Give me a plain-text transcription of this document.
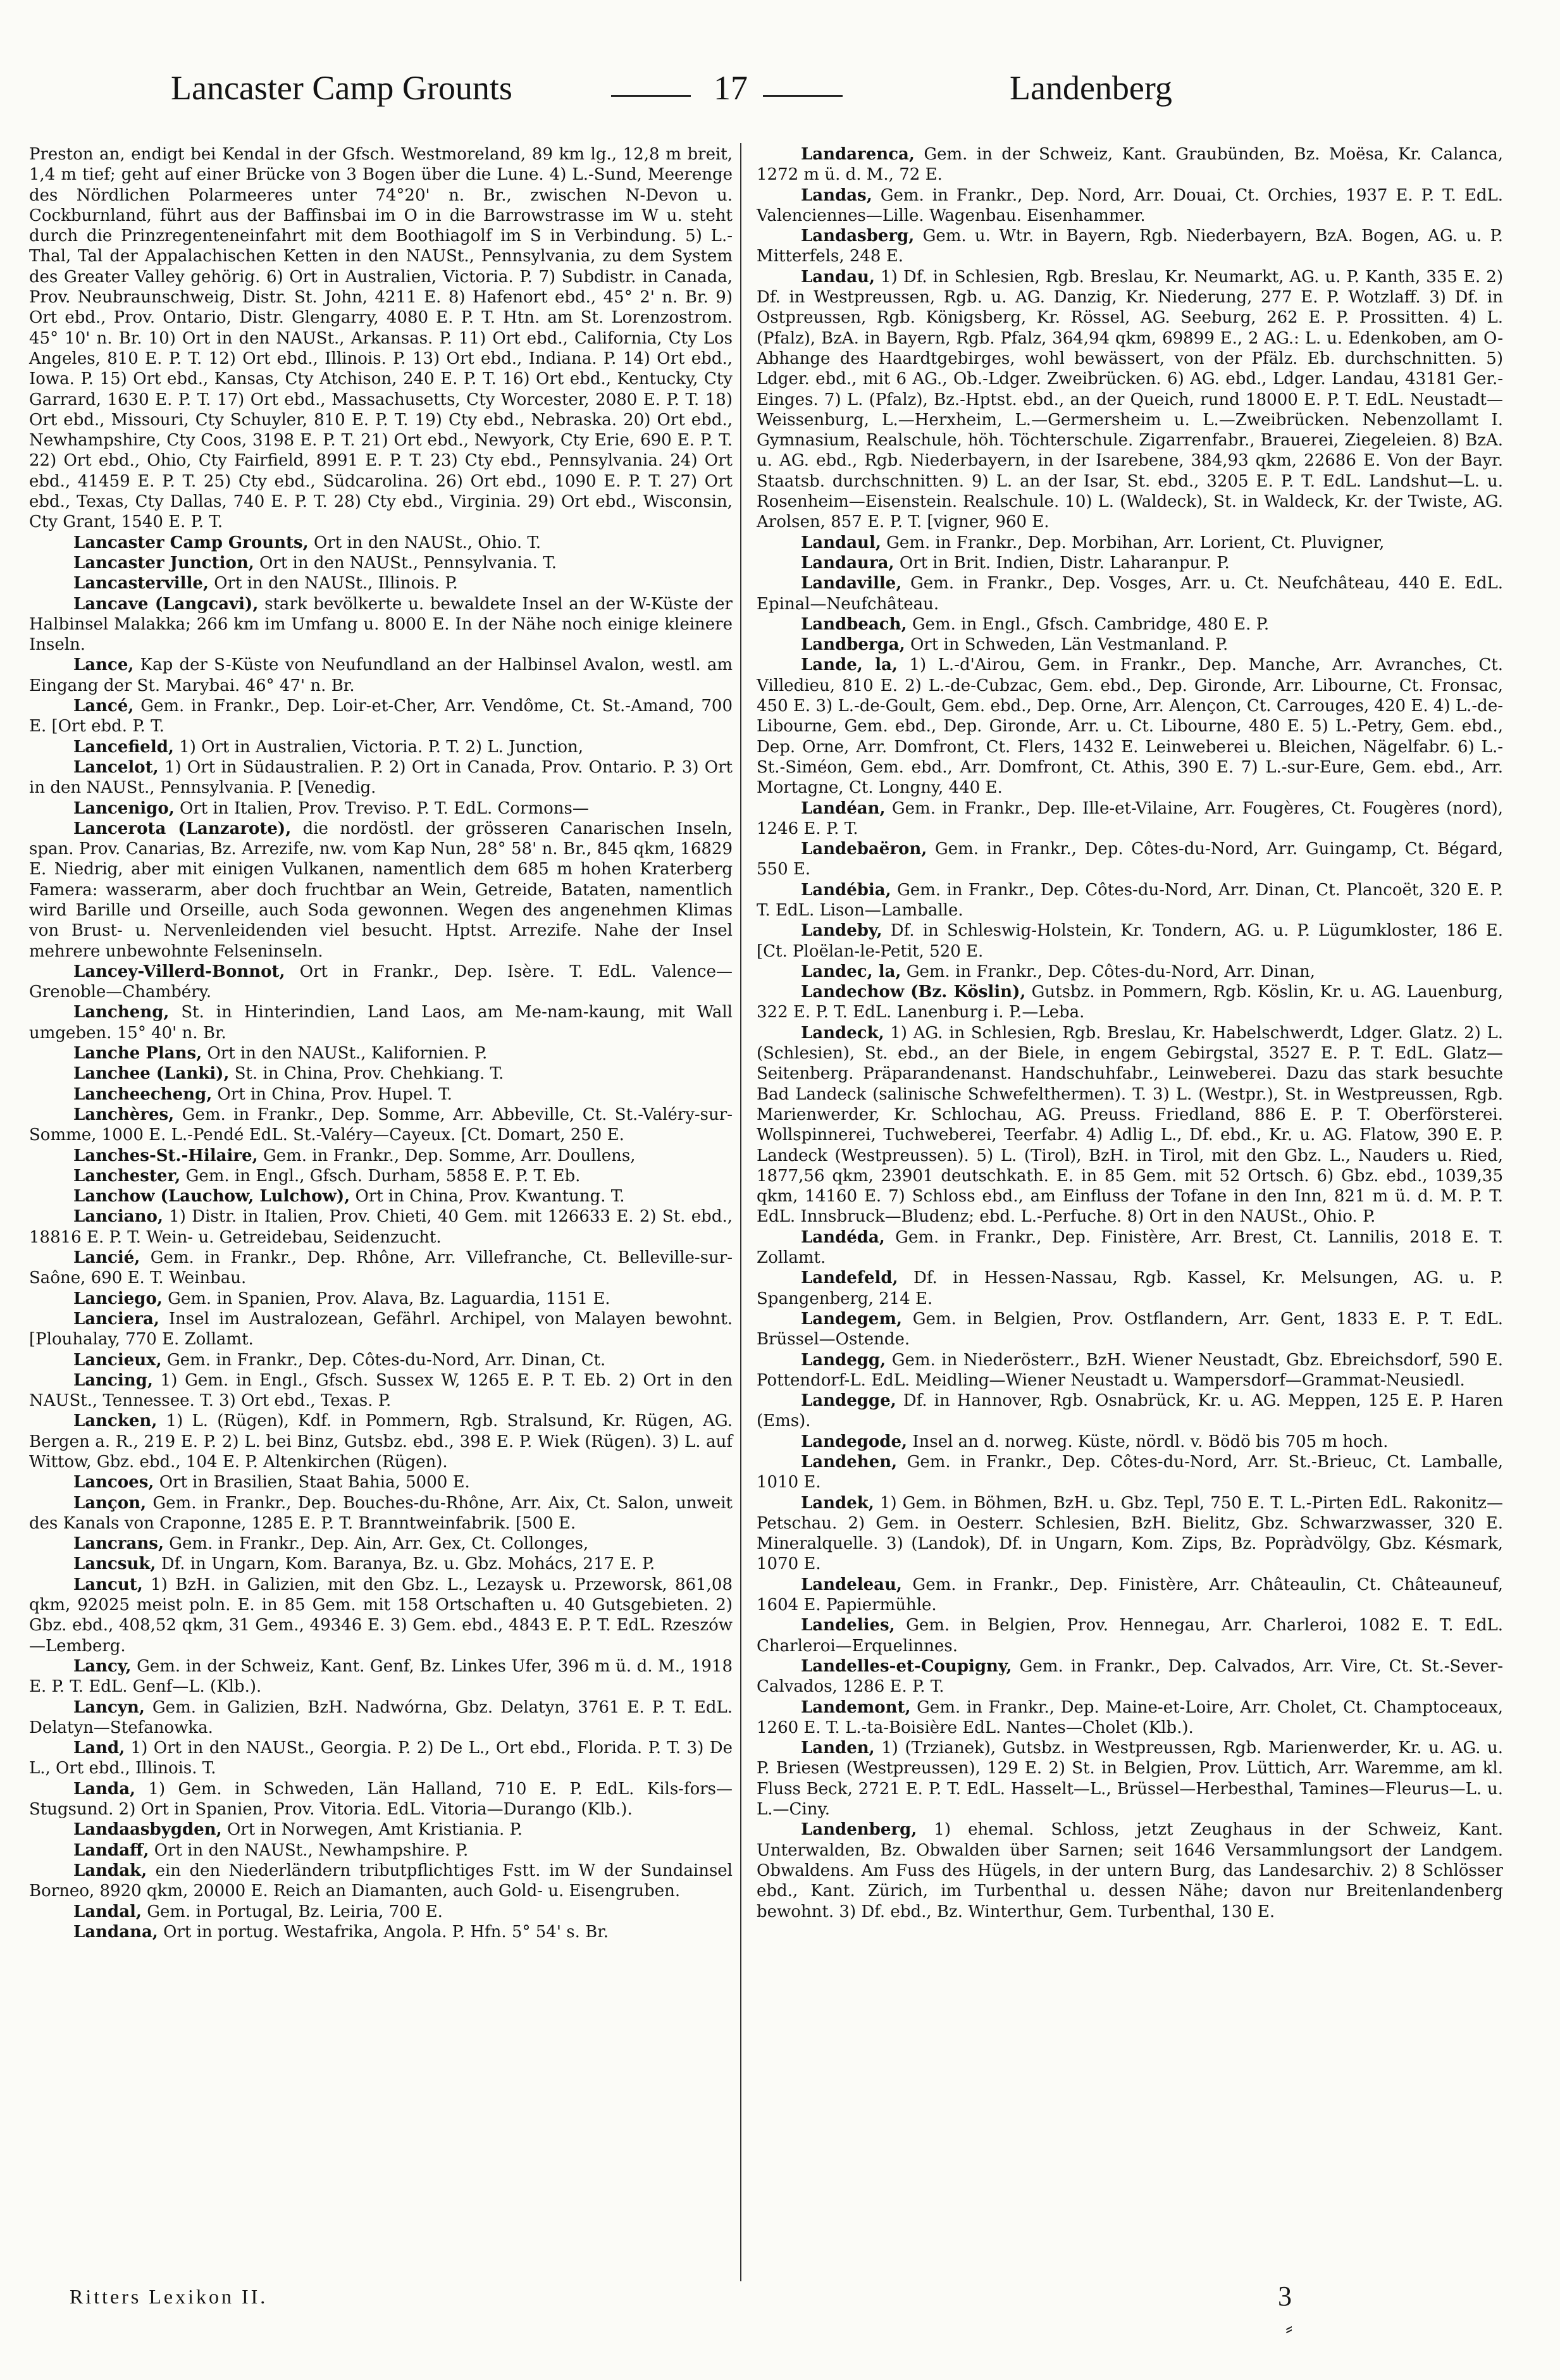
Lancaster Camp Grounts	17	Landenberg

Preston an, endigt bei Kendal in der Gfsch. Westmoreland, 89 km lg., 12,8 m breit, 1,4 m tief; geht auf einer Brücke von 3 Bogen über die Lune. 4) L.-Sund, Meerenge des Nördlichen Polarmeeres unter 74°20' n. Br., zwischen N-Devon u. Cockburnland, führt aus der Baffinsbai im O in die Barrowstrasse im W u. steht durch die Prinzregenteneinfahrt mit dem Boothiagolf im S in Verbindung. 5) L.-Thal, Tal der Appalachischen Ketten in den NAUSt., Pennsylvania, zu dem System des Greater Valley gehörig. 6) Ort in Australien, Victoria. P. 7) Subdistr. in Canada, Prov. Neubraunschweig, Distr. St. John, 4211 E. 8) Hafenort ebd., 45° 2' n. Br. 9) Ort ebd., Prov. Ontario, Distr. Glengarry, 4080 E. P. T. Htn. am St. Lorenzostrom. 45° 10' n. Br. 10) Ort in den NAUSt., Arkansas. P. 11) Ort ebd., California, Cty Los Angeles, 810 E. P. T. 12) Ort ebd., Illinois. P. 13) Ort ebd., Indiana. P. 14) Ort ebd., Iowa. P. 15) Ort ebd., Kansas, Cty Atchison, 240 E. P. T. 16) Ort ebd., Kentucky, Cty Garrard, 1630 E. P. T. 17) Ort ebd., Massachusetts, Cty Worcester, 2080 E. P. T. 18) Ort ebd., Missouri, Cty Schuyler, 810 E. P. T. 19) Cty ebd., Nebraska. 20) Ort ebd., Newhampshire, Cty Coos, 3198 E. P. T. 21) Ort ebd., Newyork, Cty Erie, 690 E. P. T. 22) Ort ebd., Ohio, Cty Fairfield, 8991 E. P. T. 23) Cty ebd., Pennsylvania. 24) Ort ebd., 41459 E. P. T. 25) Cty ebd., Südcarolina. 26) Ort ebd., 1090 E. P. T. 27) Ort ebd., Texas, Cty Dallas, 740 E. P. T. 28) Cty ebd., Virginia. 29) Ort ebd., Wisconsin, Cty Grant, 1540 E. P. T.

Lancaster Camp Grounts, Ort in den NAUSt., Ohio. T.

Lancaster Junction, Ort in den NAUSt., Pennsylvania. T.

Lancasterville, Ort in den NAUSt., Illinois. P.

Lancave (Langcavi), stark bevölkerte u. bewaldete Insel an der W-Küste der Halbinsel Malakka; 266 km im Umfang u. 8000 E. In der Nähe noch einige kleinere Inseln.

Lance, Kap der S-Küste von Neufundland an der Halbinsel Avalon, westl. am Eingang der St. Marybai. 46° 47' n. Br.

Lancé, Gem. in Frankr., Dep. Loir-et-Cher, Arr. Vendôme, Ct. St.-Amand, 700 E. [Ort ebd. P. T.

Lancefield, 1) Ort in Australien, Victoria. P. T. 2) L. Junction,

Lancelot, 1) Ort in Südaustralien. P. 2) Ort in Canada, Prov. Ontario. P. 3) Ort in den NAUSt., Pennsylvania. P. [Venedig.

Lancenigo, Ort in Italien, Prov. Treviso. P. T. EdL. Cormons—

Lancerota (Lanzarote), die nordöstl. der grösseren Canarischen Inseln, span. Prov. Canarias, Bz. Arrezife, nw. vom Kap Nun, 28° 58' n. Br., 845 qkm, 16829 E. Niedrig, aber mit einigen Vulkanen, namentlich dem 685 m hohen Kraterberg Famera: wasserarm, aber doch fruchtbar an Wein, Getreide, Bataten, namentlich wird Barille und Orseille, auch Soda gewonnen. Wegen des angenehmen Klimas von Brust- u. Nervenleidenden viel besucht. Hptst. Arrezife. Nahe der Insel mehrere unbewohnte Felseninseln.

Lancey-Villerd-Bonnot, Ort in Frankr., Dep. Isère. T. EdL. Valence—Grenoble—Chambéry.

Lancheng, St. in Hinterindien, Land Laos, am Me-nam-kaung, mit Wall umgeben. 15° 40' n. Br.

Lanche Plans, Ort in den NAUSt., Kalifornien. P.

Lanchee (Lanki), St. in China, Prov. Chehkiang. T.

Lancheecheng, Ort in China, Prov. Hupel. T.

Lanchères, Gem. in Frankr., Dep. Somme, Arr. Abbeville, Ct. St.-Valéry-sur-Somme, 1000 E. L.-Pendé EdL. St.-Valéry—Cayeux. [Ct. Domart, 250 E.

Lanches-St.-Hilaire, Gem. in Frankr., Dep. Somme, Arr. Doullens,

Lanchester, Gem. in Engl., Gfsch. Durham, 5858 E. P. T. Eb.

Lanchow (Lauchow, Lulchow), Ort in China, Prov. Kwantung. T.

Lanciano, 1) Distr. in Italien, Prov. Chieti, 40 Gem. mit 126633 E. 2) St. ebd., 18816 E. P. T. Wein- u. Getreidebau, Seidenzucht.

Lancié, Gem. in Frankr., Dep. Rhône, Arr. Villefranche, Ct. Belleville-sur-Saône, 690 E. T. Weinbau.

Lanciego, Gem. in Spanien, Prov. Alava, Bz. Laguardia, 1151 E.

Lanciera, Insel im Australozean, Gefährl. Archipel, von Malayen bewohnt. [Plouhalay, 770 E. Zollamt.

Lancieux, Gem. in Frankr., Dep. Côtes-du-Nord, Arr. Dinan, Ct.

Lancing, 1) Gem. in Engl., Gfsch. Sussex W, 1265 E. P. T. Eb. 2) Ort in den NAUSt., Tennessee. T. 3) Ort ebd., Texas. P.

Lancken, 1) L. (Rügen), Kdf. in Pommern, Rgb. Stralsund, Kr. Rügen, AG. Bergen a. R., 219 E. P. 2) L. bei Binz, Gutsbz. ebd., 398 E. P. Wiek (Rügen). 3) L. auf Wittow, Gbz. ebd., 104 E. P. Altenkirchen (Rügen).

Lancoes, Ort in Brasilien, Staat Bahia, 5000 E.

Lançon, Gem. in Frankr., Dep. Bouches-du-Rhône, Arr. Aix, Ct. Salon, unweit des Kanals von Craponne, 1285 E. P. T. Branntweinfabrik. [500 E.

Lancrans, Gem. in Frankr., Dep. Ain, Arr. Gex, Ct. Collonges,

Lancsuk, Df. in Ungarn, Kom. Baranya, Bz. u. Gbz. Mohács, 217 E. P.

Lancut, 1) BzH. in Galizien, mit den Gbz. L., Lezaysk u. Przeworsk, 861,08 qkm, 92025 meist poln. E. in 85 Gem. mit 158 Ortschaften u. 40 Gutsgebieten. 2) Gbz. ebd., 408,52 qkm, 31 Gem., 49346 E. 3) Gem. ebd., 4843 E. P. T. EdL. Rzeszów—Lemberg.

Lancy, Gem. in der Schweiz, Kant. Genf, Bz. Linkes Ufer, 396 m ü. d. M., 1918 E. P. T. EdL. Genf—L. (Klb.).

Lancyn, Gem. in Galizien, BzH. Nadwórna, Gbz. Delatyn, 3761 E. P. T. EdL. Delatyn—Stefanowka.

Land, 1) Ort in den NAUSt., Georgia. P. 2) De L., Ort ebd., Florida. P. T. 3) De L., Ort ebd., Illinois. T.

Landa, 1) Gem. in Schweden, Län Halland, 710 E. P. EdL. Kils-fors—Stugsund. 2) Ort in Spanien, Prov. Vitoria. EdL. Vitoria—Durango (Klb.).

Landaasbygden, Ort in Norwegen, Amt Kristiania. P.

Landaff, Ort in den NAUSt., Newhampshire. P.

Landak, ein den Niederländern tributpflichtiges Fstt. im W der Sundainsel Borneo, 8920 qkm, 20000 E. Reich an Diamanten, auch Gold- u. Eisengruben.

Landal, Gem. in Portugal, Bz. Leiria, 700 E.

Landana, Ort in portug. Westafrika, Angola. P. Hfn. 5° 54' s. Br.

Landarenca, Gem. in der Schweiz, Kant. Graubünden, Bz. Moësa, Kr. Calanca, 1272 m ü. d. M., 72 E.

Landas, Gem. in Frankr., Dep. Nord, Arr. Douai, Ct. Orchies, 1937 E. P. T. EdL. Valenciennes—Lille. Wagenbau. Eisenhammer.

Landasberg, Gem. u. Wtr. in Bayern, Rgb. Niederbayern, BzA. Bogen, AG. u. P. Mitterfels, 248 E.

Landau, 1) Df. in Schlesien, Rgb. Breslau, Kr. Neumarkt, AG. u. P. Kanth, 335 E. 2) Df. in Westpreussen, Rgb. u. AG. Danzig, Kr. Niederung, 277 E. P. Wotzlaff. 3) Df. in Ostpreussen, Rgb. Königsberg, Kr. Rössel, AG. Seeburg, 262 E. P. Prossitten. 4) L. (Pfalz), BzA. in Bayern, Rgb. Pfalz, 364,94 qkm, 69899 E., 2 AG.: L. u. Edenkoben, am O-Abhange des Haardtgebirges, wohl bewässert, von der Pfälz. Eb. durchschnitten. 5) Ldger. ebd., mit 6 AG., Ob.-Ldger. Zweibrücken. 6) AG. ebd., Ldger. Landau, 43181 Ger.-Einges. 7) L. (Pfalz), Bz.-Hptst. ebd., an der Queich, rund 18000 E. P. T. EdL. Neustadt—Weissenburg, L.—Herxheim, L.—Germersheim u. L.—Zweibrücken. Nebenzollamt I. Gymnasium, Realschule, höh. Töchterschule. Zigarrenfabr., Brauerei, Ziegeleien. 8) BzA. u. AG. ebd., Rgb. Niederbayern, in der Isarebene, 384,93 qkm, 22686 E. Von der Bayr. Staatsb. durchschnitten. 9) L. an der Isar, St. ebd., 3205 E. P. T. EdL. Landshut—L. u. Rosenheim—Eisenstein. Realschule. 10) L. (Waldeck), St. in Waldeck, Kr. der Twiste, AG. Arolsen, 857 E. P. T. [vigner, 960 E.

Landaul, Gem. in Frankr., Dep. Morbihan, Arr. Lorient, Ct. Pluvigner,

Landaura, Ort in Brit. Indien, Distr. Laharanpur. P.

Landaville, Gem. in Frankr., Dep. Vosges, Arr. u. Ct. Neufchâteau, 440 E. EdL. Epinal—Neufchâteau.

Landbeach, Gem. in Engl., Gfsch. Cambridge, 480 E. P.

Landberga, Ort in Schweden, Län Vestmanland. P.

Lande, la, 1) L.-d'Airou, Gem. in Frankr., Dep. Manche, Arr. Avranches, Ct. Villedieu, 810 E. 2) L.-de-Cubzac, Gem. ebd., Dep. Gironde, Arr. Libourne, Ct. Fronsac, 450 E. 3) L.-de-Goult, Gem. ebd., Dep. Orne, Arr. Alençon, Ct. Carrouges, 420 E. 4) L.-de-Libourne, Gem. ebd., Dep. Gironde, Arr. u. Ct. Libourne, 480 E. 5) L.-Petry, Gem. ebd., Dep. Orne, Arr. Domfront, Ct. Flers, 1432 E. Leinweberei u. Bleichen, Nägelfabr. 6) L.-St.-Siméon, Gem. ebd., Arr. Domfront, Ct. Athis, 390 E. 7) L.-sur-Eure, Gem. ebd., Arr. Mortagne, Ct. Longny, 440 E.

Landéan, Gem. in Frankr., Dep. Ille-et-Vilaine, Arr. Fougères, Ct. Fougères (nord), 1246 E. P. T.

Landebaëron, Gem. in Frankr., Dep. Côtes-du-Nord, Arr. Guingamp, Ct. Bégard, 550 E.

Landébia, Gem. in Frankr., Dep. Côtes-du-Nord, Arr. Dinan, Ct. Plancoët, 320 E. P. T. EdL. Lison—Lamballe.

Landeby, Df. in Schleswig-Holstein, Kr. Tondern, AG. u. P. Lügumkloster, 186 E. [Ct. Ploëlan-le-Petit, 520 E.

Landec, la, Gem. in Frankr., Dep. Côtes-du-Nord, Arr. Dinan,

Landechow (Bz. Köslin), Gutsbz. in Pommern, Rgb. Köslin, Kr. u. AG. Lauenburg, 322 E. P. T. EdL. Lanenburg i. P.—Leba.

Landeck, 1) AG. in Schlesien, Rgb. Breslau, Kr. Habelschwerdt, Ldger. Glatz. 2) L. (Schlesien), St. ebd., an der Biele, in engem Gebirgstal, 3527 E. P. T. EdL. Glatz—Seitenberg. Präparandenanst. Handschuhfabr., Leinweberei. Dazu das stark besuchte Bad Landeck (salinische Schwefelthermen). T. 3) L. (Westpr.), St. in Westpreussen, Rgb. Marienwerder, Kr. Schlochau, AG. Preuss. Friedland, 886 E. P. T. Oberförsterei. Wollspinnerei, Tuchweberei, Teerfabr. 4) Adlig L., Df. ebd., Kr. u. AG. Flatow, 390 E. P. Landeck (Westpreussen). 5) L. (Tirol), BzH. in Tirol, mit den Gbz. L., Nauders u. Ried, 1877,56 qkm, 23901 deutschkath. E. in 85 Gem. mit 52 Ortsch. 6) Gbz. ebd., 1039,35 qkm, 14160 E. 7) Schloss ebd., am Einfluss der Tofane in den Inn, 821 m ü. d. M. P. T. EdL. Innsbruck—Bludenz; ebd. L.-Perfuche. 8) Ort in den NAUSt., Ohio. P.

Landéda, Gem. in Frankr., Dep. Finistère, Arr. Brest, Ct. Lannilis, 2018 E. T. Zollamt.

Landefeld, Df. in Hessen-Nassau, Rgb. Kassel, Kr. Melsungen, AG. u. P. Spangenberg, 214 E.

Landegem, Gem. in Belgien, Prov. Ostflandern, Arr. Gent, 1833 E. P. T. EdL. Brüssel—Ostende.

Landegg, Gem. in Niederösterr., BzH. Wiener Neustadt, Gbz. Ebreichsdorf, 590 E. Pottendorf-L. EdL. Meidling—Wiener Neustadt u. Wampersdorf—Grammat-Neusiedl.

Landegge, Df. in Hannover, Rgb. Osnabrück, Kr. u. AG. Meppen, 125 E. P. Haren (Ems).

Landegode, Insel an d. norweg. Küste, nördl. v. Bödö bis 705 m hoch.

Landehen, Gem. in Frankr., Dep. Côtes-du-Nord, Arr. St.-Brieuc, Ct. Lamballe, 1010 E.

Landek, 1) Gem. in Böhmen, BzH. u. Gbz. Tepl, 750 E. T. L.-Pirten EdL. Rakonitz—Petschau. 2) Gem. in Oesterr. Schlesien, BzH. Bielitz, Gbz. Schwarzwasser, 320 E. Mineralquelle. 3) (Landok), Df. in Ungarn, Kom. Zips, Bz. Popràdvölgy, Gbz. Késmark, 1070 E.

Landeleau, Gem. in Frankr., Dep. Finistère, Arr. Châteaulin, Ct. Châteauneuf, 1604 E. Papiermühle.

Landelies, Gem. in Belgien, Prov. Hennegau, Arr. Charleroi, 1082 E. T. EdL. Charleroi—Erquelinnes.

Landelles-et-Coupigny, Gem. in Frankr., Dep. Calvados, Arr. Vire, Ct. St.-Sever-Calvados, 1286 E. P. T.

Landemont, Gem. in Frankr., Dep. Maine-et-Loire, Arr. Cholet, Ct. Champtoceaux, 1260 E. T. L.-ta-Boisière EdL. Nantes—Cholet (Klb.).

Landen, 1) (Trzianek), Gutsbz. in Westpreussen, Rgb. Marienwerder, Kr. u. AG. u. P. Briesen (Westpreussen), 129 E. 2) St. in Belgien, Prov. Lüttich, Arr. Waremme, am kl. Fluss Beck, 2721 E. P. T. EdL. Hasselt—L., Brüssel—Herbesthal, Tamines—Fleurus—L. u. L.—Ciny.

Landenberg, 1) ehemal. Schloss, jetzt Zeughaus in der Schweiz, Kant. Unterwalden, Bz. Obwalden über Sarnen; seit 1646 Versammlungsort der Landgem. Obwaldens. Am Fuss des Hügels, in der untern Burg, das Landesarchiv. 2) 8 Schlösser ebd., Kant. Zürich, im Turbenthal u. dessen Nähe; davon nur Breitenlandenberg bewohnt. 3) Df. ebd., Bz. Winterthur, Gem. Turbenthal, 130 E.

Ritters Lexikon II.	3
⸗
